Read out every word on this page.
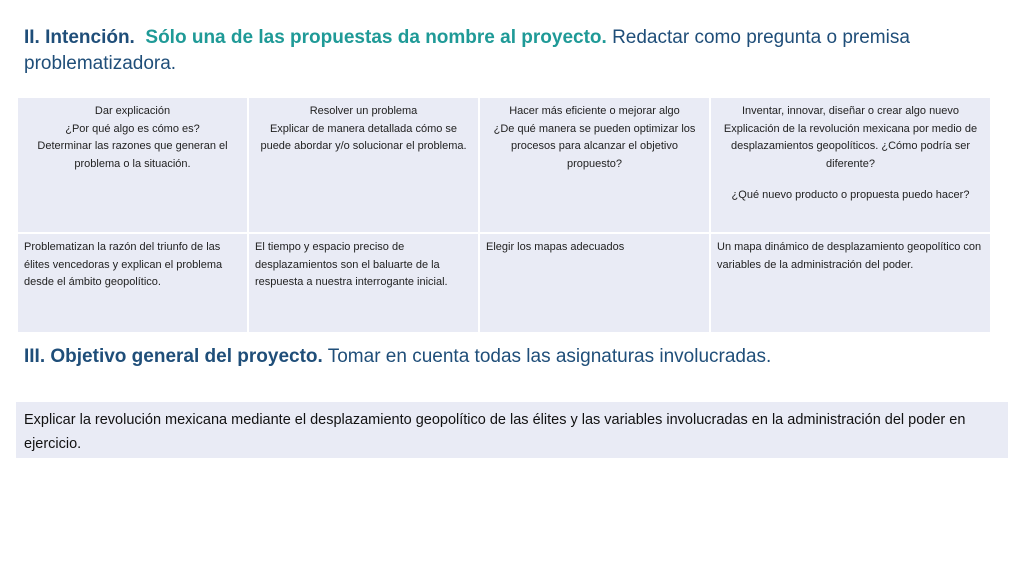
II. Intención. Sólo una de las propuestas da nombre al proyecto. Redactar como pregunta o premisa problematizadora.
Dar explicación
¿Por qué algo es cómo es?
Determinar las razones que generan el problema o la situación.	Resolver un problema
Explicar de manera detallada cómo se puede abordar y/o solucionar el problema.	Hacer más eficiente o mejorar algo
¿De qué manera se pueden optimizar los procesos para alcanzar el objetivo propuesto?	Inventar, innovar, diseñar o crear algo nuevo
Explicación de la revolución mexicana por medio de desplazamientos geopolíticos. ¿Cómo podría ser diferente?
¿Qué nuevo producto o propuesta puedo hacer?

Problematizan la razón del triunfo de las élites vencedoras y explican el problema desde el ámbito geopolítico.	El tiempo y espacio preciso de desplazamientos son el baluarte de la respuesta a nuestra interrogante inicial.	Elegir los mapas adecuados	Un mapa dinámico de desplazamiento geopolítico con variables de la administración del poder.
III. Objetivo general del proyecto. Tomar en cuenta todas las asignaturas involucradas.
Explicar la revolución mexicana mediante el desplazamiento geopolítico de las élites y las variables involucradas en la administración del poder en ejercicio.
